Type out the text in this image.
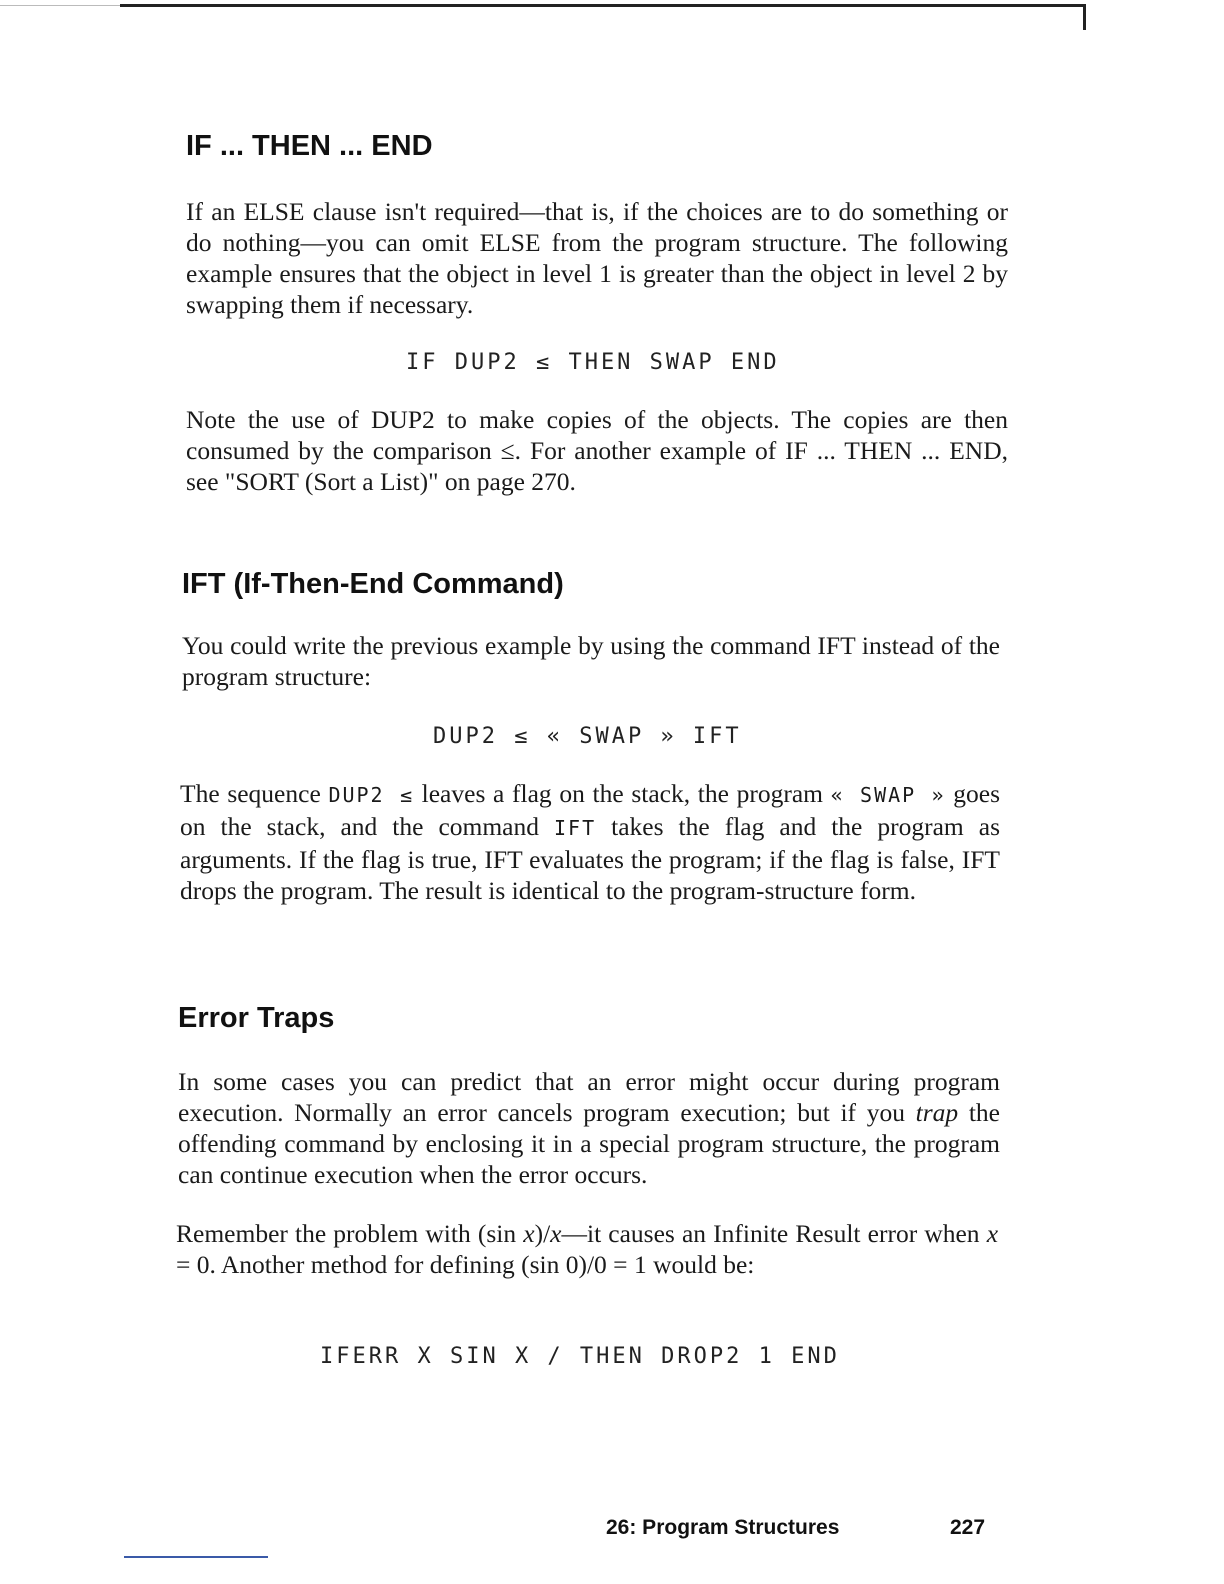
IF ... THEN ... END

If an ELSE clause isn't required—that is, if the choices are to do something or do nothing—you can omit ELSE from the program structure. The following example ensures that the object in level 1 is greater than the object in level 2 by swapping them if necessary.

IF DUP2 ≤ THEN SWAP END

Note the use of DUP2 to make copies of the objects. The copies are then consumed by the comparison ≤. For another example of IF ... THEN ... END, see "SORT (Sort a List)" on page 270.

IFT (If-Then-End Command)

You could write the previous example by using the command IFT instead of the program structure:

DUP2 ≤ « SWAP » IFT

The sequence DUP2 ≤ leaves a flag on the stack, the program « SWAP » goes on the stack, and the command IFT takes the flag and the program as arguments. If the flag is true, IFT evaluates the program; if the flag is false, IFT drops the program. The result is identical to the program-structure form.

Error Traps

In some cases you can predict that an error might occur during program execution. Normally an error cancels program execution; but if you trap the offending command by enclosing it in a special program structure, the program can continue execution when the error occurs.

Remember the problem with (sin x)/x—it causes an Infinite Result error when x = 0. Another method for defining (sin 0)/0 = 1 would be:

IFERR X SIN X / THEN DROP2 1 END
26: Program Structures	227
